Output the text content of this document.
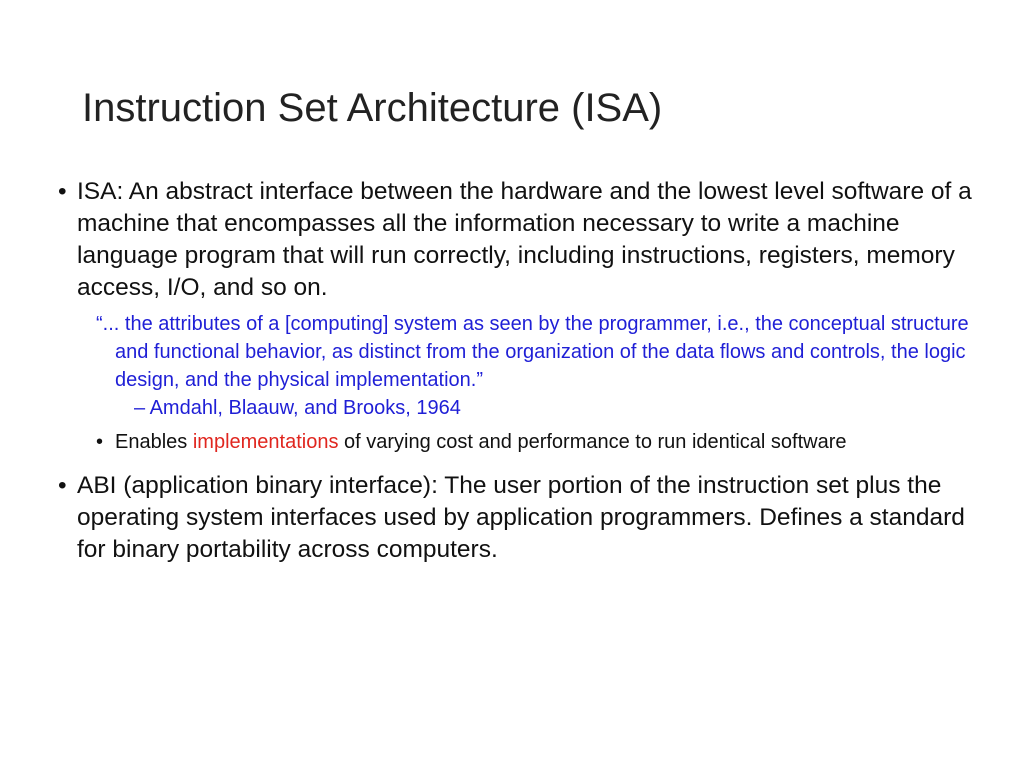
Instruction Set Architecture (ISA)
• ISA: An abstract interface between the hardware and the lowest level software of a machine that encompasses all the information necessary to write a machine language program that will run correctly, including instructions, registers, memory access, I/O, and so on.
“... the attributes of a [computing] system as seen by the programmer, i.e., the conceptual structure and functional behavior, as distinct from the organization of the data flows and controls, the logic design, and the physical implementation.”
– Amdahl, Blaauw, and Brooks, 1964
• Enables implementations of varying cost and performance to run identical software
• ABI (application binary interface): The user portion of the instruction set plus the operating system interfaces used by application programmers. Defines a standard for binary portability across computers.
